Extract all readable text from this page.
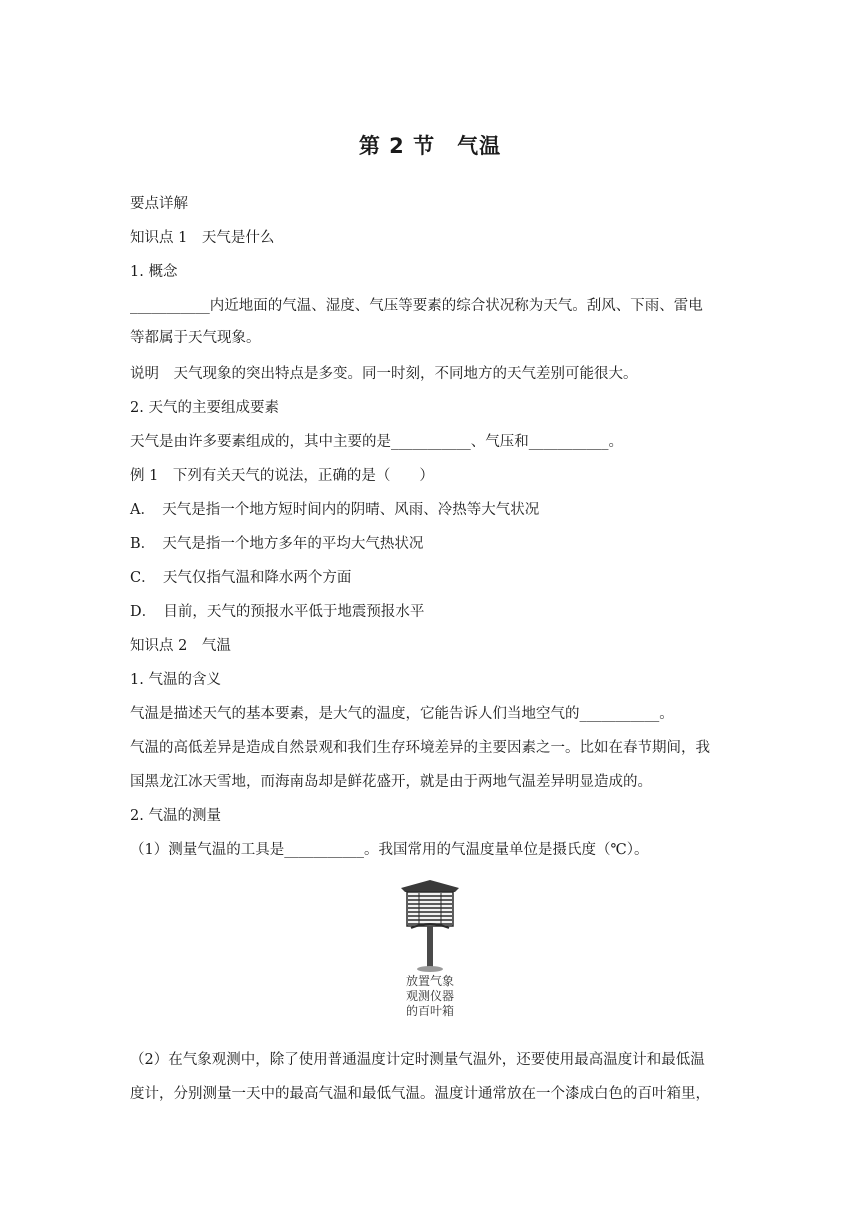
第 2 节　气温
要点详解
知识点 1　天气是什么
1. 概念
___________内近地面的气温、湿度、气压等要素的综合状况称为天气。刮风、下雨、雷电
等都属于天气现象。
说明　天气现象的突出特点是多变。同一时刻，不同地方的天气差别可能很大。
2. 天气的主要组成要素
天气是由许多要素组成的，其中主要的是___________、气压和___________。
例 1　下列有关天气的说法，正确的是（　　）
A．　天气是指一个地方短时间内的阴晴、风雨、冷热等大气状况
B．　天气是指一个地方多年的平均大气热状况
C．　天气仅指气温和降水两个方面
D．　目前，天气的预报水平低于地震预报水平
知识点 2　气温
1. 气温的含义
气温是描述天气的基本要素，是大气的温度，它能告诉人们当地空气的___________。
气温的高低差异是造成自然景观和我们生存环境差异的主要因素之一。比如在春节期间，我
国黑龙江冰天雪地，而海南岛却是鲜花盛开，就是由于两地气温差异明显造成的。
2. 气温的测量
（1）测量气温的工具是___________。我国常用的气温度量单位是摄氏度（℃）。
放置气象
观测仪器
的百叶箱
（2）在气象观测中，除了使用普通温度计定时测量气温外，还要使用最高温度计和最低温
度计，分别测量一天中的最高气温和最低气温。温度计通常放在一个漆成白色的百叶箱里，
